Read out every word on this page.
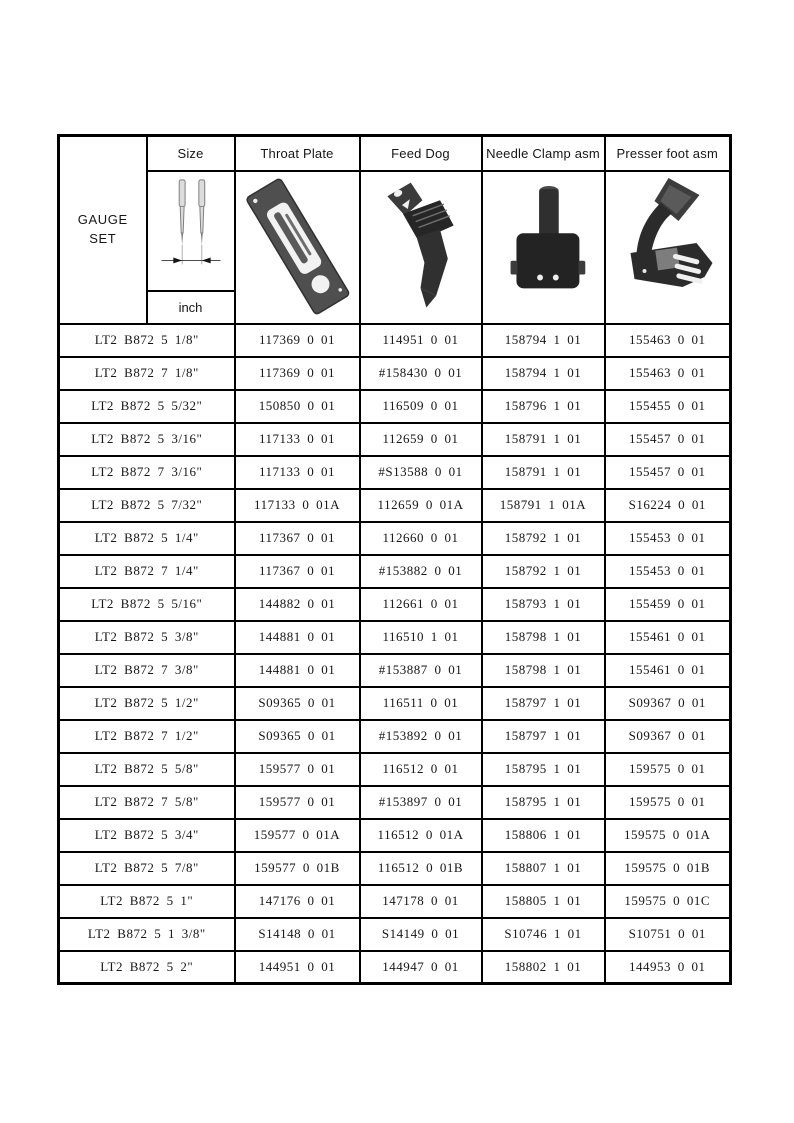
GAUGE SET	Size	Throat Plate	Feed Dog	Needle Clamp asm	Presser foot asm

	inch				
LT2 B872 5 1/8"		117369 0 01	114951 0 01	158794 1 01	155463 0 01
LT2 B872 7 1/8"		117369 0 01	#158430 0 01	158794 1 01	155463 0 01
LT2 B872 5 5/32"		150850 0 01	116509 0 01	158796 1 01	155455 0 01
LT2 B872 5 3/16"		117133 0 01	112659 0 01	158791 1 01	155457 0 01
LT2 B872 7 3/16"		117133 0 01	#S13588 0 01	158791 1 01	155457 0 01
LT2 B872 5 7/32"		117133 0 01A	112659 0 01A	158791 1 01A	S16224 0 01
LT2 B872 5 1/4"		117367 0 01	112660 0 01	158792 1 01	155453 0 01
LT2 B872 7 1/4"		117367 0 01	#153882 0 01	158792 1 01	155453 0 01
LT2 B872 5 5/16"		144882 0 01	112661 0 01	158793 1 01	155459 0 01
LT2 B872 5 3/8"		144881 0 01	116510 1 01	158798 1 01	155461 0 01
LT2 B872 7 3/8"		144881 0 01	#153887 0 01	158798 1 01	155461 0 01
LT2 B872 5 1/2"		S09365 0 01	116511 0 01	158797 1 01	S09367 0 01
LT2 B872 7 1/2"		S09365 0 01	#153892 0 01	158797 1 01	S09367 0 01
LT2 B872 5 5/8"		159577 0 01	116512 0 01	158795 1 01	159575 0 01
LT2 B872 7 5/8"		159577 0 01	#153897 0 01	158795 1 01	159575 0 01
LT2 B872 5 3/4"		159577 0 01A	116512 0 01A	158806 1 01	159575 0 01A
LT2 B872 5 7/8"		159577 0 01B	116512 0 01B	158807 1 01	159575 0 01B
LT2 B872 5 1"		147176 0 01	147178 0 01	158805 1 01	159575 0 01C
LT2 B872 5 1 3/8"		S14148 0 01	S14149 0 01	S10746 1 01	S10751 0 01
LT2 B872 5 2"		144951 0 01	144947 0 01	158802 1 01	144953 0 01
